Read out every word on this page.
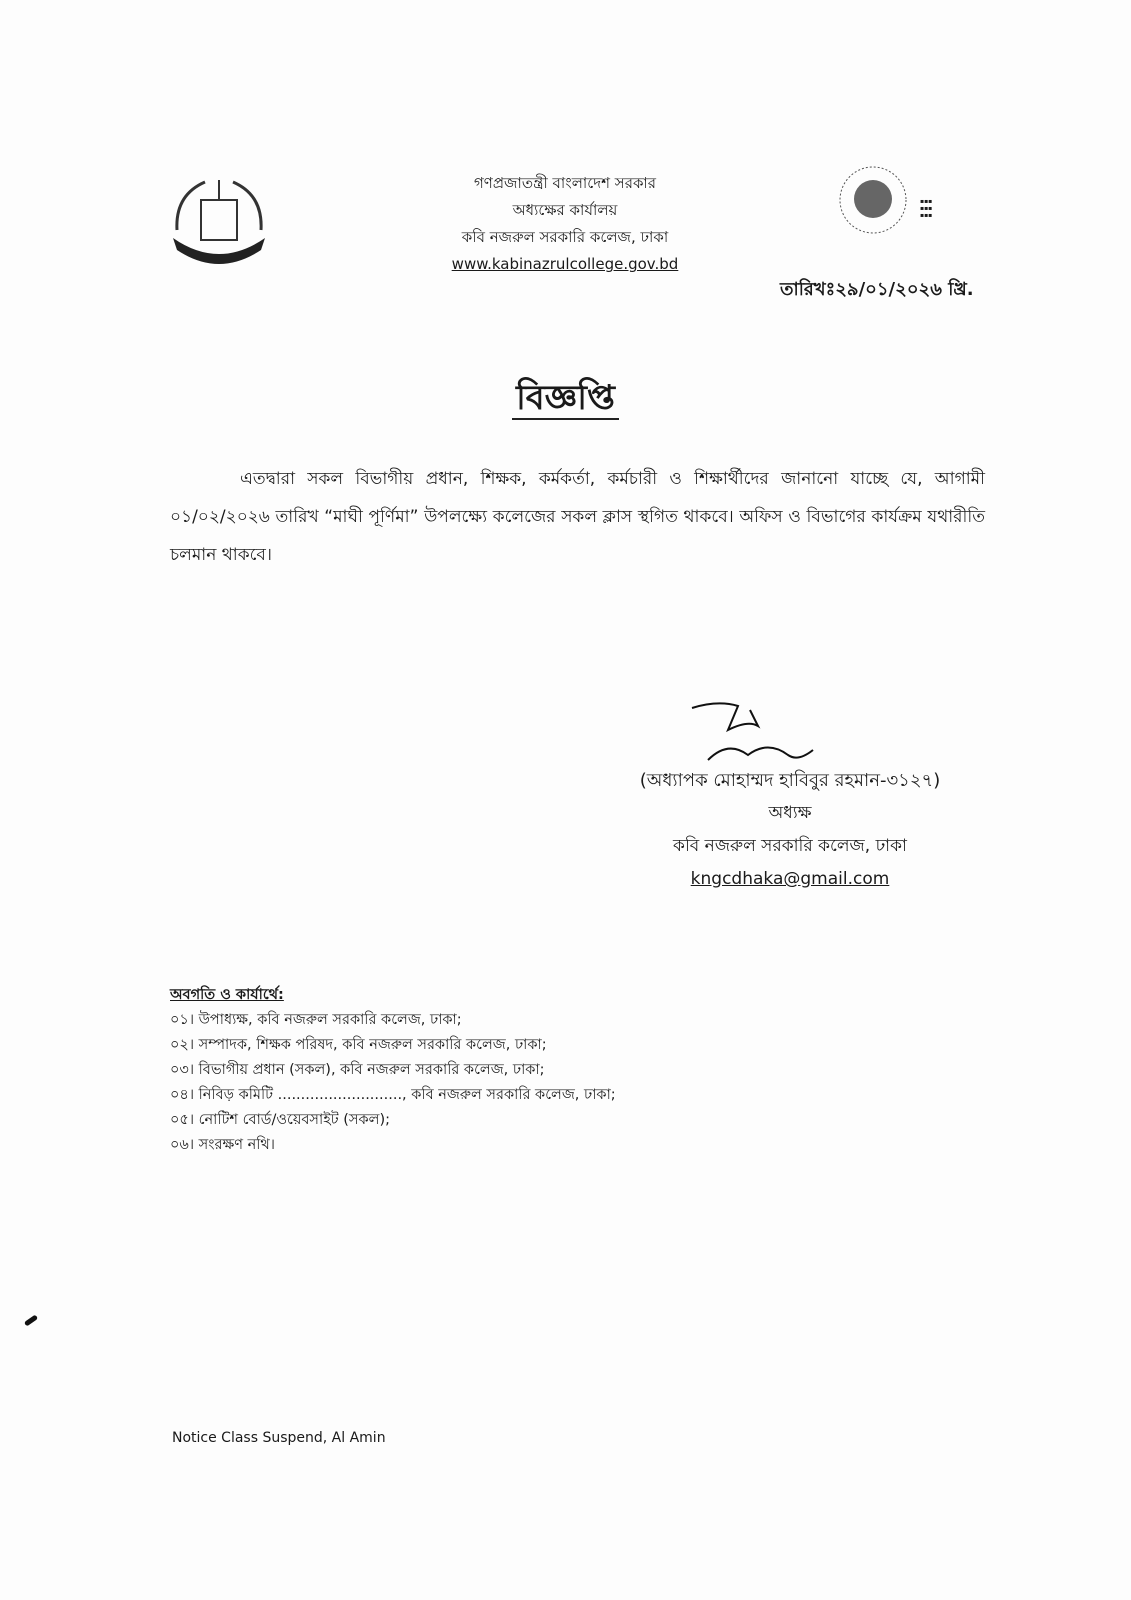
গণপ্রজাতন্ত্রী বাংলাদেশ সরকার
অধ্যক্ষের কার্যালয়
কবি নজরুল সরকারি কলেজ, ঢাকা
www.kabinazrulcollege.gov.bd
▪▪▪
▪▪▪
▪▪▪
তারিখঃ২৯/০১/২০২৬ খ্রি.
বিজ্ঞপ্তি
এতদ্বারা সকল বিভাগীয় প্রধান, শিক্ষক, কর্মকর্তা, কর্মচারী ও শিক্ষার্থীদের জানানো যাচ্ছে যে, আগামী ০১/০২/২০২৬ তারিখ “মাঘী পূর্ণিমা” উপলক্ষ্যে কলেজের সকল ক্লাস স্থগিত থাকবে। অফিস ও বিভাগের কার্যক্রম যথারীতি চলমান থাকবে।
(অধ্যাপক মোহাম্মদ হাবিবুর রহমান-৩১২৭)
অধ্যক্ষ
কবি নজরুল সরকারি কলেজ, ঢাকা
kngcdhaka@gmail.com
অবগতি ও কার্যার্থে:
০১। উপাধ্যক্ষ, কবি নজরুল সরকারি কলেজ, ঢাকা;
০২। সম্পাদক, শিক্ষক পরিষদ, কবি নজরুল সরকারি কলেজ, ঢাকা;
০৩। বিভাগীয় প্রধান (সকল), কবি নজরুল সরকারি কলেজ, ঢাকা;
০৪। নিবিড় কমিটি ..........................., কবি নজরুল সরকারি কলেজ, ঢাকা;
০৫। নোটিশ বোর্ড/ওয়েবসাইট (সকল);
০৬। সংরক্ষণ নথি।
Notice Class Suspend, Al Amin
